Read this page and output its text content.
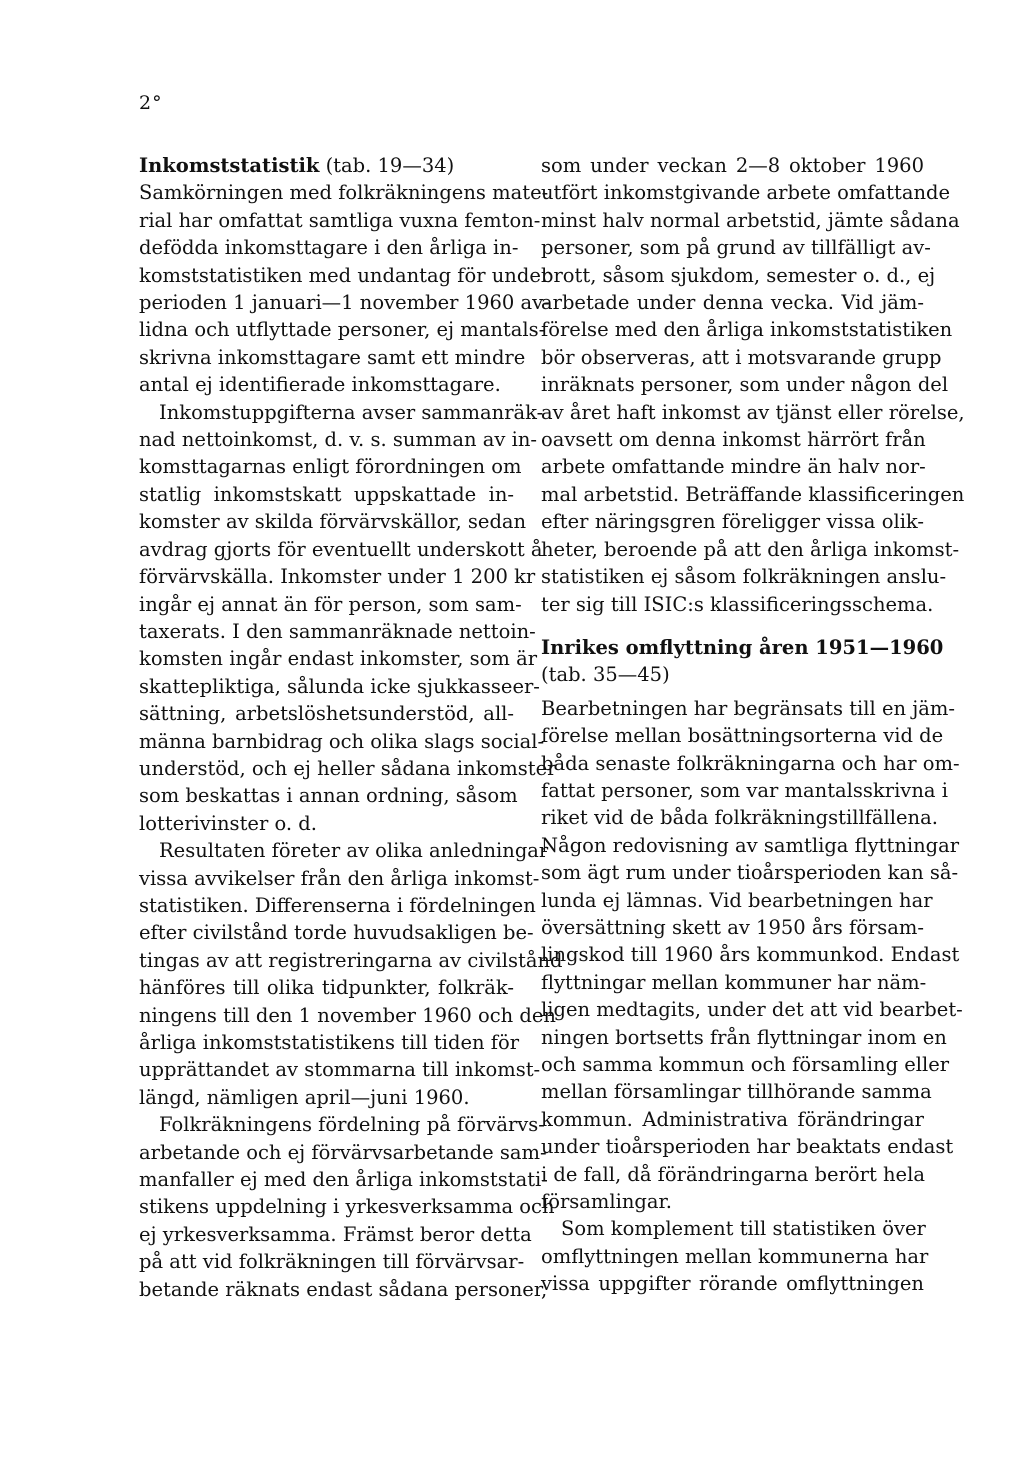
2°
Inkomststatistik (tab. 19—34)
Samkörningen med folkräkningens mate-
rial har omfattat samtliga vuxna femton-
defödda inkomsttagare i den årliga in-
komststatistiken med undantag för under
perioden 1 januari—1 november 1960 av-
lidna och utflyttade personer, ej mantals-
skrivna inkomsttagare samt ett mindre
antal ej identifierade inkomsttagare.
Inkomstuppgifterna avser sammanräk-
nad nettoinkomst, d. v. s. summan av in-
komsttagarnas enligt förordningen om
statlig inkomstskatt uppskattade in-
komster av skilda förvärvskällor, sedan
avdrag gjorts för eventuellt underskott å
förvärvskälla. Inkomster under 1 200 kr
ingår ej annat än för person, som sam-
taxerats. I den sammanräknade nettoin-
komsten ingår endast inkomster, som är
skattepliktiga, sålunda icke sjukkasseer-
sättning, arbetslöshetsunderstöd, all-
männa barnbidrag och olika slags social-
understöd, och ej heller sådana inkomster
som beskattas i annan ordning, såsom
lotterivinster o. d.
Resultaten företer av olika anledningar
vissa avvikelser från den årliga inkomst-
statistiken. Differenserna i fördelningen
efter civilstånd torde huvudsakligen be-
tingas av att registreringarna av civilstånd
hänföres till olika tidpunkter, folkräk-
ningens till den 1 november 1960 och den
årliga inkomststatistikens till tiden för
upprättandet av stommarna till inkomst-
längd, nämligen april—juni 1960.
Folkräkningens fördelning på förvärvs-
arbetande och ej förvärvsarbetande sam-
manfaller ej med den årliga inkomststati-
stikens uppdelning i yrkesverksamma och
ej yrkesverksamma. Främst beror detta
på att vid folkräkningen till förvärvsar-
betande räknats endast sådana personer,
som under veckan 2—8 oktober 1960
utfört inkomstgivande arbete omfattande
minst halv normal arbetstid, jämte sådana
personer, som på grund av tillfälligt av-
brott, såsom sjukdom, semester o. d., ej
arbetade under denna vecka. Vid jäm-
förelse med den årliga inkomststatistiken
bör observeras, att i motsvarande grupp
inräknats personer, som under någon del
av året haft inkomst av tjänst eller rörelse,
oavsett om denna inkomst härrört från
arbete omfattande mindre än halv nor-
mal arbetstid. Beträffande klassificeringen
efter näringsgren föreligger vissa olik-
heter, beroende på att den årliga inkomst-
statistiken ej såsom folkräkningen anslu-
ter sig till ISIC:s klassificeringsschema.
Inrikes omflyttning åren 1951—1960
(tab. 35—45)
Bearbetningen har begränsats till en jäm-
förelse mellan bosättningsorterna vid de
båda senaste folkräkningarna och har om-
fattat personer, som var mantalsskrivna i
riket vid de båda folkräkningstillfällena.
Någon redovisning av samtliga flyttningar
som ägt rum under tioårsperioden kan så-
lunda ej lämnas. Vid bearbetningen har
översättning skett av 1950 års försam-
lingskod till 1960 års kommunkod. Endast
flyttningar mellan kommuner har näm-
ligen medtagits, under det att vid bearbet-
ningen bortsetts från flyttningar inom en
och samma kommun och församling eller
mellan församlingar tillhörande samma
kommun. Administrativa förändringar
under tioårsperioden har beaktats endast
i de fall, då förändringarna berört hela
församlingar.
Som komplement till statistiken över
omflyttningen mellan kommunerna har
vissa uppgifter rörande omflyttningen
